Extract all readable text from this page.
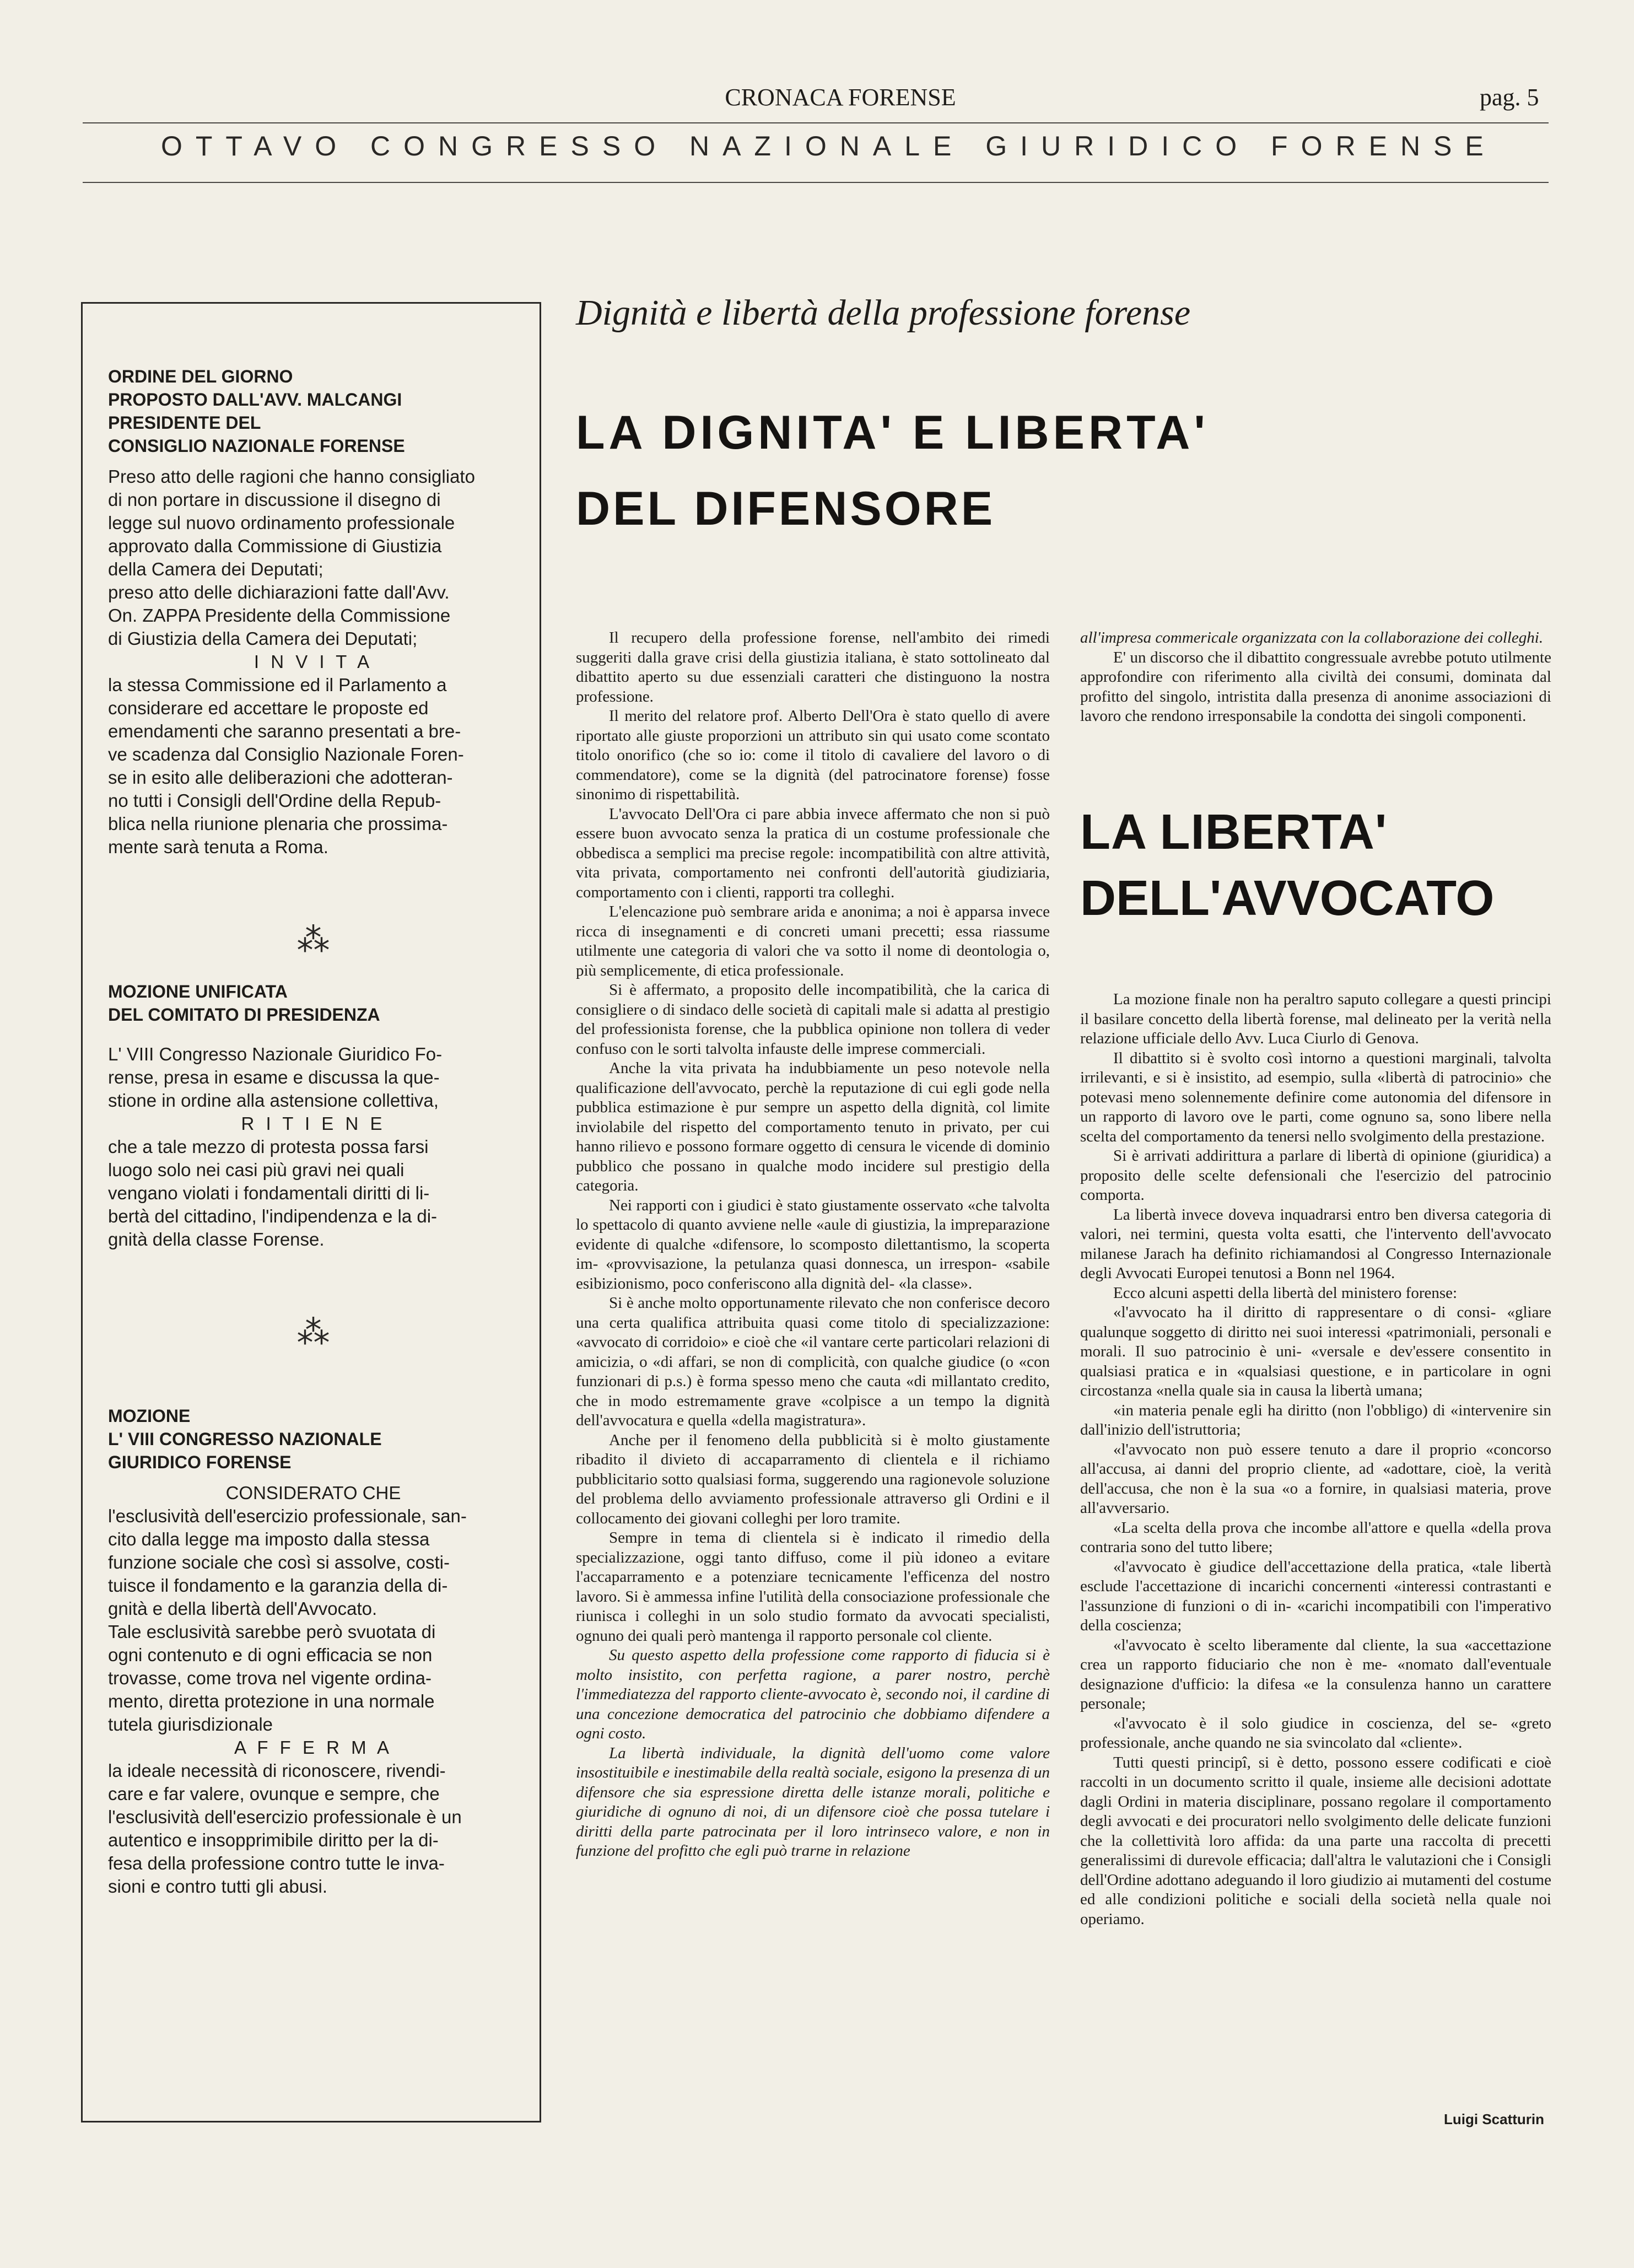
CRONACA FORENSE	pag. 5
OTTAVO CONGRESSO NAZIONALE GIURIDICO FORENSE
ORDINE DEL GIORNO
PROPOSTO DALL'AVV. MALCANGI
PRESIDENTE DEL
CONSIGLIO NAZIONALE FORENSE
Preso atto delle ragioni che hanno consigliato
di non portare in discussione il disegno di
legge sul nuovo ordinamento professionale
approvato dalla Commissione di Giustizia
della Camera dei Deputati;
preso atto delle dichiarazioni fatte dall'Avv.
On. ZAPPA Presidente della Commissione
di Giustizia della Camera dei Deputati;
I N V I T A
la stessa Commissione ed il Parlamento a
considerare ed accettare le proposte ed
emendamenti che saranno presentati a bre-
ve scadenza dal Consiglio Nazionale Foren-
se in esito alle deliberazioni che adotteran-
no tutti i Consigli dell'Ordine della Repub-
blica nella riunione plenaria che prossima-
mente sarà tenuta a Roma.
⁂
MOZIONE UNIFICATA
DEL COMITATO DI PRESIDENZA
L' VIII Congresso Nazionale Giuridico Fo-
rense, presa in esame e discussa la que-
stione in ordine alla astensione collettiva,
R I T I E N E
che a tale mezzo di protesta possa farsi
luogo solo nei casi più gravi nei quali
vengano violati i fondamentali diritti di li-
bertà del cittadino, l'indipendenza e la di-
gnità della classe Forense.
⁂
MOZIONE
L' VIII CONGRESSO NAZIONALE
GIURIDICO FORENSE
CONSIDERATO CHE
l'esclusività dell'esercizio professionale, san-
cito dalla legge ma imposto dalla stessa
funzione sociale che così si assolve, costi-
tuisce il fondamento e la garanzia della di-
gnità e della libertà dell'Avvocato.
Tale esclusività sarebbe però svuotata di
ogni contenuto e di ogni efficacia se non
trovasse, come trova nel vigente ordina-
mento, diretta protezione in una normale
tutela giurisdizionale
A F F E R M A
la ideale necessità di riconoscere, rivendi-
care e far valere, ovunque e sempre, che
l'esclusività dell'esercizio professionale è un
autentico e insopprimibile diritto per la di-
fesa della professione contro tutte le inva-
sioni e contro tutti gli abusi.
Dignità e libertà della professione forense
LA DIGNITA' E LIBERTA'
DEL DIFENSORE

Il recupero della professione forense, nell'ambito dei rimedi suggeriti dalla grave crisi della giustizia italiana, è stato sottolineato dal dibattito aperto su due essenziali caratteri che distinguono la nostra professione.

Il merito del relatore prof. Alberto Dell'Ora è stato quello di avere riportato alle giuste proporzioni un attributo sin qui usato come scontato titolo onorifico (che so io: come il titolo di cavaliere del lavoro o di commendatore), come se la dignità (del patrocinatore forense) fosse sinonimo di rispettabilità.

L'avvocato Dell'Ora ci pare abbia invece affermato che non si può essere buon avvocato senza la pratica di un costume professionale che obbedisca a semplici ma precise regole: incompatibilità con altre attività, vita privata, comportamento nei confronti dell'autorità giudiziaria, comportamento con i clienti, rapporti tra colleghi.

L'elencazione può sembrare arida e anonima; a noi è apparsa invece ricca di insegnamenti e di concreti umani precetti; essa riassume utilmente une categoria di valori che va sotto il nome di deontologia o, più semplicemente, di etica professionale.

Si è affermato, a proposito delle incompatibilità, che la carica di consigliere o di sindaco delle società di capitali male si adatta al prestigio del professionista forense, che la pubblica opinione non tollera di veder confuso con le sorti talvolta infauste delle imprese commerciali.

Anche la vita privata ha indubbiamente un peso notevole nella qualificazione dell'avvocato, perchè la reputazione di cui egli gode nella pubblica estimazione è pur sempre un aspetto della dignità, col limite inviolabile del rispetto del comportamento tenuto in privato, per cui hanno rilievo e possono formare oggetto di censura le vicende di dominio pubblico che possano in qualche modo incidere sul prestigio della categoria.

Nei rapporti con i giudici è stato giustamente osservato «che talvolta lo spettacolo di quanto avviene nelle «aule di giustizia, la impreparazione evidente di qualche «difensore, lo scomposto dilettantismo, la scoperta im- «provvisazione, la petulanza quasi donnesca, un irrespon- «sabile esibizionismo, poco conferiscono alla dignità del- «la classe».

Si è anche molto opportunamente rilevato che non conferisce decoro una certa qualifica attribuita quasi come titolo di specializzazione: «avvocato di corridoio» e cioè che «il vantare certe particolari relazioni di amicizia, o «di affari, se non di complicità, con qualche giudice (o «con funzionari di p.s.) è forma spesso meno che cauta «di millantato credito, che in modo estremamente grave «colpisce a un tempo la dignità dell'avvocatura e quella «della magistratura».

Anche per il fenomeno della pubblicità si è molto giustamente ribadito il divieto di accaparramento di clientela e il richiamo pubblicitario sotto qualsiasi forma, suggerendo una ragionevole soluzione del problema dello avviamento professionale attraverso gli Ordini e il collocamento dei giovani colleghi per loro tramite.

Sempre in tema di clientela si è indicato il rimedio della specializzazione, oggi tanto diffuso, come il più idoneo a evitare l'accaparramento e a potenziare tecnicamente l'efficenza del nostro lavoro. Si è ammessa infine l'utilità della consociazione professionale che riunisca i colleghi in un solo studio formato da avvocati specialisti, ognuno dei quali però mantenga il rapporto personale col cliente.

Su questo aspetto della professione come rapporto di fiducia si è molto insistito, con perfetta ragione, a parer nostro, perchè l'immediatezza del rapporto cliente-avvocato è, secondo noi, il cardine di una concezione democratica del patrocinio che dobbiamo difendere a ogni costo.

La libertà individuale, la dignità dell'uomo come valore insostituibile e inestimabile della realtà sociale, esigono la presenza di un difensore che sia espressione diretta delle istanze morali, politiche e giuridiche di ognuno di noi, di un difensore cioè che possa tutelare i diritti della parte patrocinata per il loro intrinseco valore, e non in funzione del profitto che egli può trarne in relazione

all'impresa commericale organizzata con la collaborazione dei colleghi.

E' un discorso che il dibattito congressuale avrebbe potuto utilmente approfondire con riferimento alla civiltà dei consumi, dominata dal profitto del singolo, intristita dalla presenza di anonime associazioni di lavoro che rendono irresponsabile la condotta dei singoli componenti.

LA LIBERTA'
DELL'AVVOCATO

La mozione finale non ha peraltro saputo collegare a questi principi il basilare concetto della libertà forense, mal delineato per la verità nella relazione ufficiale dello Avv. Luca Ciurlo di Genova.

Il dibattito si è svolto così intorno a questioni marginali, talvolta irrilevanti, e si è insistito, ad esempio, sulla «libertà di patrocinio» che potevasi meno solennemente definire come autonomia del difensore in un rapporto di lavoro ove le parti, come ognuno sa, sono libere nella scelta del comportamento da tenersi nello svolgimento della prestazione.

Si è arrivati addirittura a parlare di libertà di opinione (giuridica) a proposito delle scelte defensionali che l'esercizio del patrocinio comporta.

La libertà invece doveva inquadrarsi entro ben diversa categoria di valori, nei termini, questa volta esatti, che l'intervento dell'avvocato milanese Jarach ha definito richiamandosi al Congresso Internazionale degli Avvocati Europei tenutosi a Bonn nel 1964.

Ecco alcuni aspetti della libertà del ministero forense:

«l'avvocato ha il diritto di rappresentare o di consi- «gliare qualunque soggetto di diritto nei suoi interessi «patrimoniali, personali e morali. Il suo patrocinio è uni- «versale e dev'essere consentito in qualsiasi pratica e in «qualsiasi questione, e in particolare in ogni circostanza «nella quale sia in causa la libertà umana;

«in materia penale egli ha diritto (non l'obbligo) di «intervenire sin dall'inizio dell'istruttoria;

«l'avvocato non può essere tenuto a dare il proprio «concorso all'accusa, ai danni del proprio cliente, ad «adottare, cioè, la verità dell'accusa, che non è la sua «o a fornire, in qualsiasi materia, prove all'avversario.

«La scelta della prova che incombe all'attore e quella «della prova contraria sono del tutto libere;

«l'avvocato è giudice dell'accettazione della pratica, «tale libertà esclude l'accettazione di incarichi concernenti «interessi contrastanti e l'assunzione di funzioni o di in- «carichi incompatibili con l'imperativo della coscienza;

«l'avvocato è scelto liberamente dal cliente, la sua «accettazione crea un rapporto fiduciario che non è me- «nomato dall'eventuale designazione d'ufficio: la difesa «e la consulenza hanno un carattere personale;

«l'avvocato è il solo giudice in coscienza, del se- «greto professionale, anche quando ne sia svincolato dal «cliente».

Tutti questi principî, si è detto, possono essere codificati e cioè raccolti in un documento scritto il quale, insieme alle decisioni adottate dagli Ordini in materia disciplinare, possano regolare il comportamento degli avvocati e dei procuratori nello svolgimento delle delicate funzioni che la collettività loro affida: da una parte una raccolta di precetti generalissimi di durevole efficacia; dall'altra le valutazioni che i Consigli dell'Ordine adottano adeguando il loro giudizio ai mutamenti del costume ed alle condizioni politiche e sociali della società nella quale noi operiamo.

Luigi Scatturin
